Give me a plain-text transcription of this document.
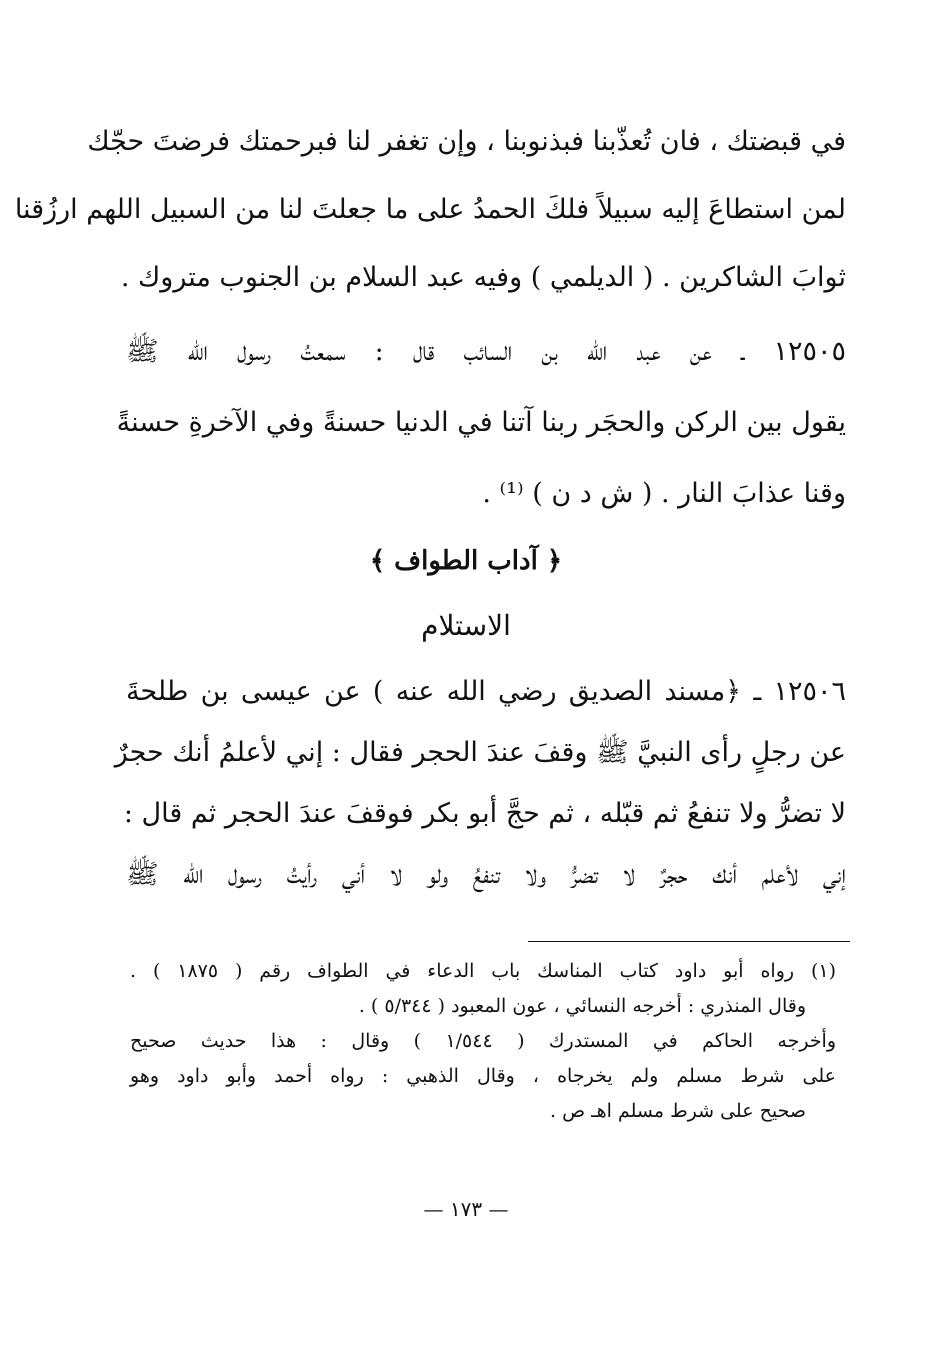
في قبضتك ، فان تُعذّبنا فبذنوبنا ، وإن تغفر لنا فبرحمتك فرضتَ حجّك
لمن استطاعَ إليه سبيلاً فلكَ الحمدُ على ما جعلتَ لنا من السبيل اللهم ارزُقنا
ثوابَ الشاكرين . ( الديلمي ) وفيه عبد السلام بن الجنوب متروك .
١٢٥٠٥ ـ عن عبد الله بن السائب قال : سمعتُ رسول الله ﷺ
يقول بين الركن والحجَر ربنا آتنا في الدنيا حسنةً وفي الآخرةِ حسنةً
وقنا عذابَ النار . ( ش د ن ) ⁽¹⁾ .
﴿ آداب الطواف ﴾
الاستلام
١٢٥٠٦ ـ ﴿مسند الصديق رضي الله عنه ) عن عيسى بن طلحةَ
عن رجلٍ رأى النبيَّ ﷺ وقفَ عندَ الحجر فقال : إني لأعلمُ أنك حجرٌ
لا تضرُّ ولا تنفعُ ثم قبّله ، ثم حجَّ أبو بكر فوقفَ عندَ الحجر ثم قال :
إني لأعلم أنك حجرٌ لا تضرُّ ولا تنفعُ ولو لا أني رأيتُ رسول الله ﷺ
(١) رواه أبو داود كتاب المناسك باب الدعاء في الطواف رقم ( ١٨٧٥ ) .
وقال المنذري : أخرجه النسائي ، عون المعبود ( ٥/٣٤٤ ) .
وأخرجه الحاكم في المستدرك ( ١/٥٤٤ ) وقال : هذا حديث صحيح
على شرط مسلم ولم يخرجاه ، وقال الذهبي : رواه أحمد وأبو داود وهو
صحيح على شرط مسلم اهـ ص .
— ١٧٣ —
